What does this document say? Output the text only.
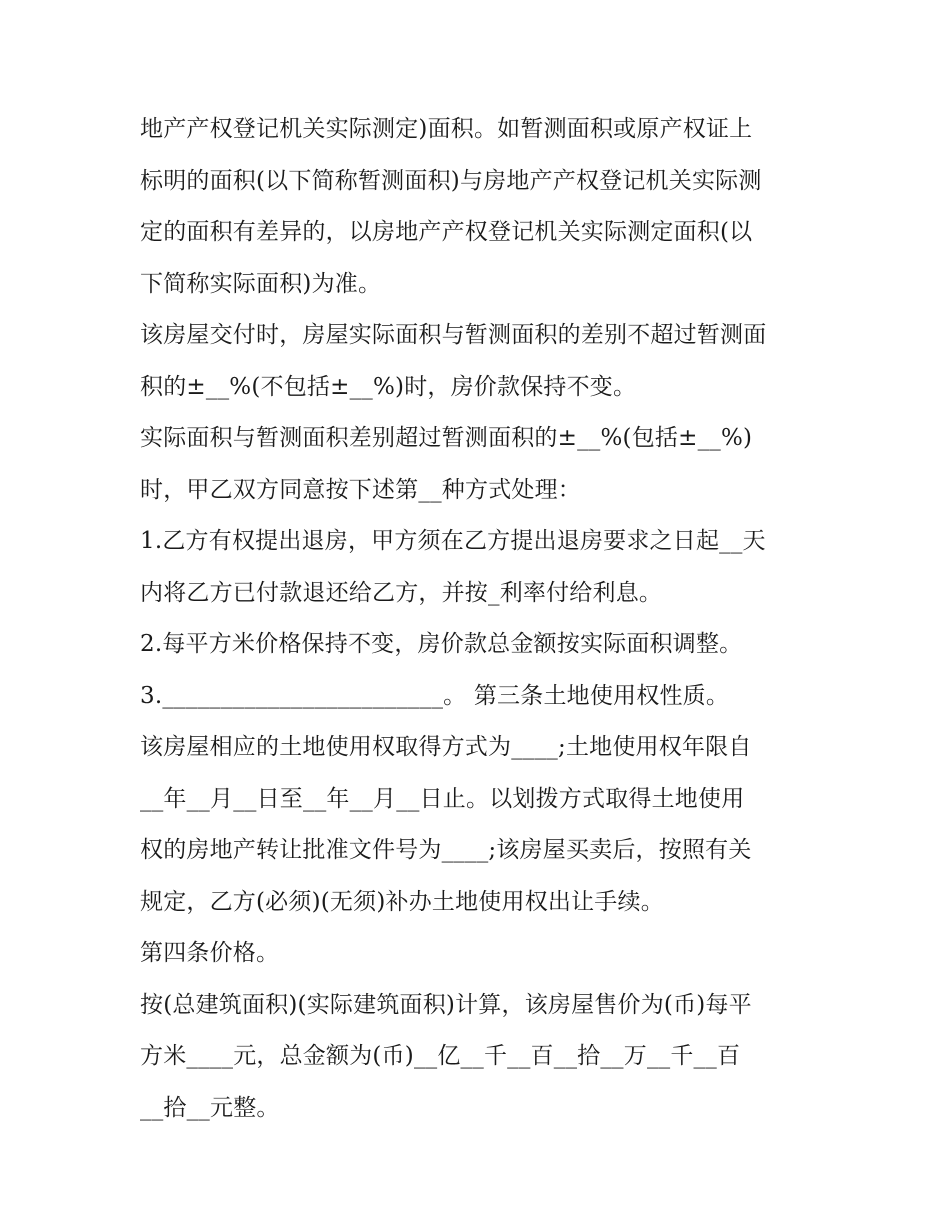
地产产权登记机关实际测定)面积。如暂测面积或原产权证上
标明的面积(以下简称暂测面积)与房地产产权登记机关实际测
定的面积有差异的，以房地产产权登记机关实际测定面积(以
下简称实际面积)为准。
该房屋交付时，房屋实际面积与暂测面积的差别不超过暂测面
积的±__%(不包括±__%)时，房价款保持不变。
实际面积与暂测面积差别超过暂测面积的±__%(包括±__%)
时，甲乙双方同意按下述第__种方式处理：
1.乙方有权提出退房，甲方须在乙方提出退房要求之日起__天
内将乙方已付款退还给乙方，并按_利率付给利息。
2.每平方米价格保持不变，房价款总金额按实际面积调整。
3.________________________。 第三条土地使用权性质。
该房屋相应的土地使用权取得方式为____;土地使用权年限自
__年__月__日至__年__月__日止。以划拨方式取得土地使用
权的房地产转让批准文件号为____;该房屋买卖后，按照有关
规定，乙方(必须)(无须)补办土地使用权出让手续。
第四条价格。
按(总建筑面积)(实际建筑面积)计算，该房屋售价为(币)每平
方米____元，总金额为(币)__亿__千__百__拾__万__千__百
__拾__元整。
